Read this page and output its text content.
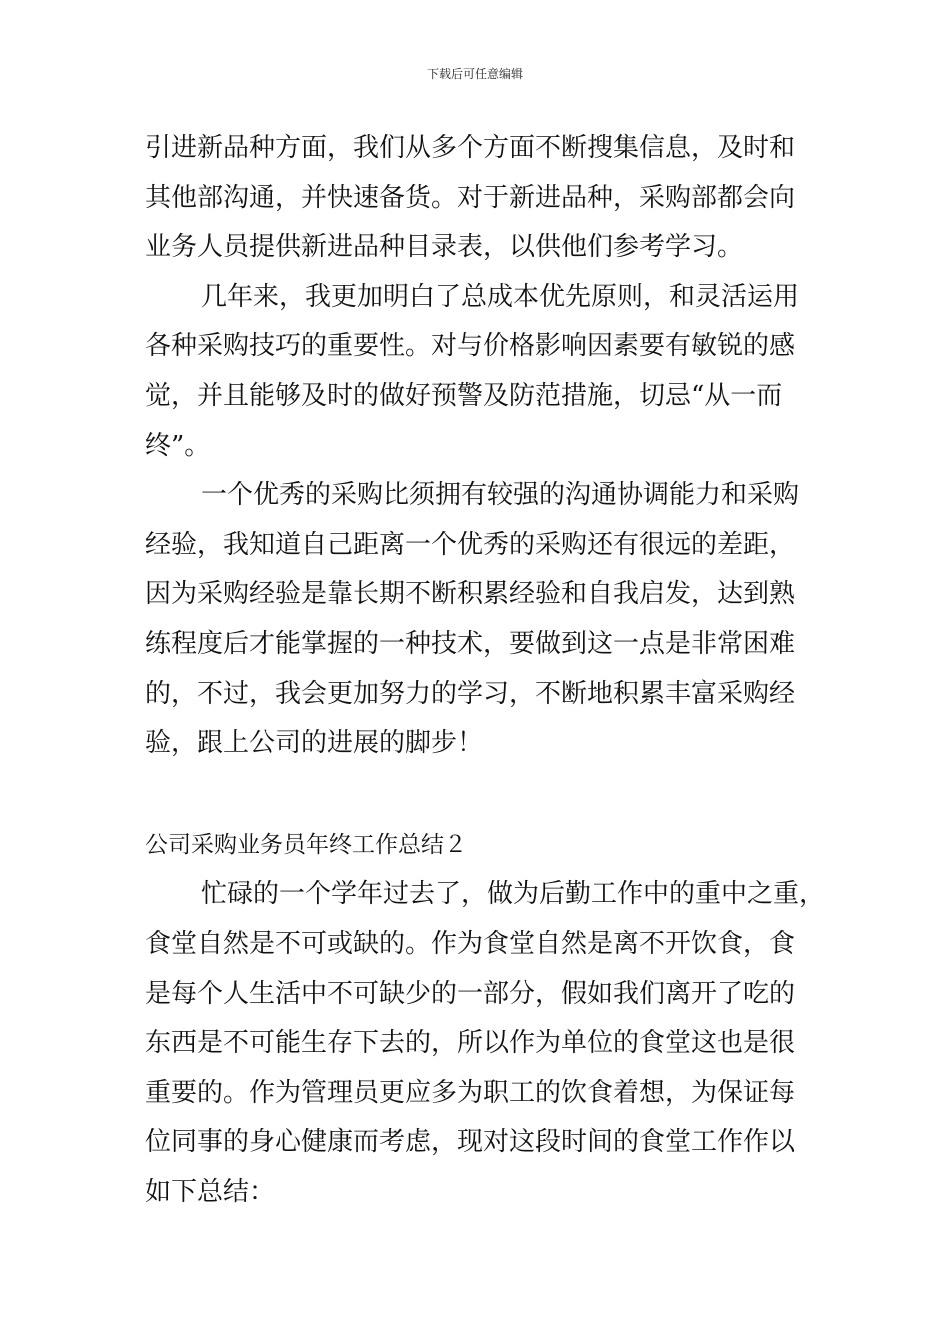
下载后可任意编辑

引进新品种方面，我们从多个方面不断搜集信息，及时和
其他部沟通，并快速备货。对于新进品种，采购部都会向
业务人员提供新进品种目录表，以供他们参考学习。

几年来，我更加明白了总成本优先原则，和灵活运用
各种采购技巧的重要性。对与价格影响因素要有敏锐的感
觉，并且能够及时的做好预警及防范措施，切忌“从一而
终”。

一个优秀的采购比须拥有较强的沟通协调能力和采购
经验，我知道自己距离一个优秀的采购还有很远的差距，
因为采购经验是靠长期不断积累经验和自我启发，达到熟
练程度后才能掌握的一种技术，要做到这一点是非常困难
的，不过，我会更加努力的学习，不断地积累丰富采购经
验，跟上公司的进展的脚步！

公司采购业务员年终工作总结２

忙碌的一个学年过去了，做为后勤工作中的重中之重，
食堂自然是不可或缺的。作为食堂自然是离不开饮食，食
是每个人生活中不可缺少的一部分，假如我们离开了吃的
东西是不可能生存下去的，所以作为单位的食堂这也是很
重要的。作为管理员更应多为职工的饮食着想，为保证每
位同事的身心健康而考虑，现对这段时间的食堂工作作以
如下总结：
